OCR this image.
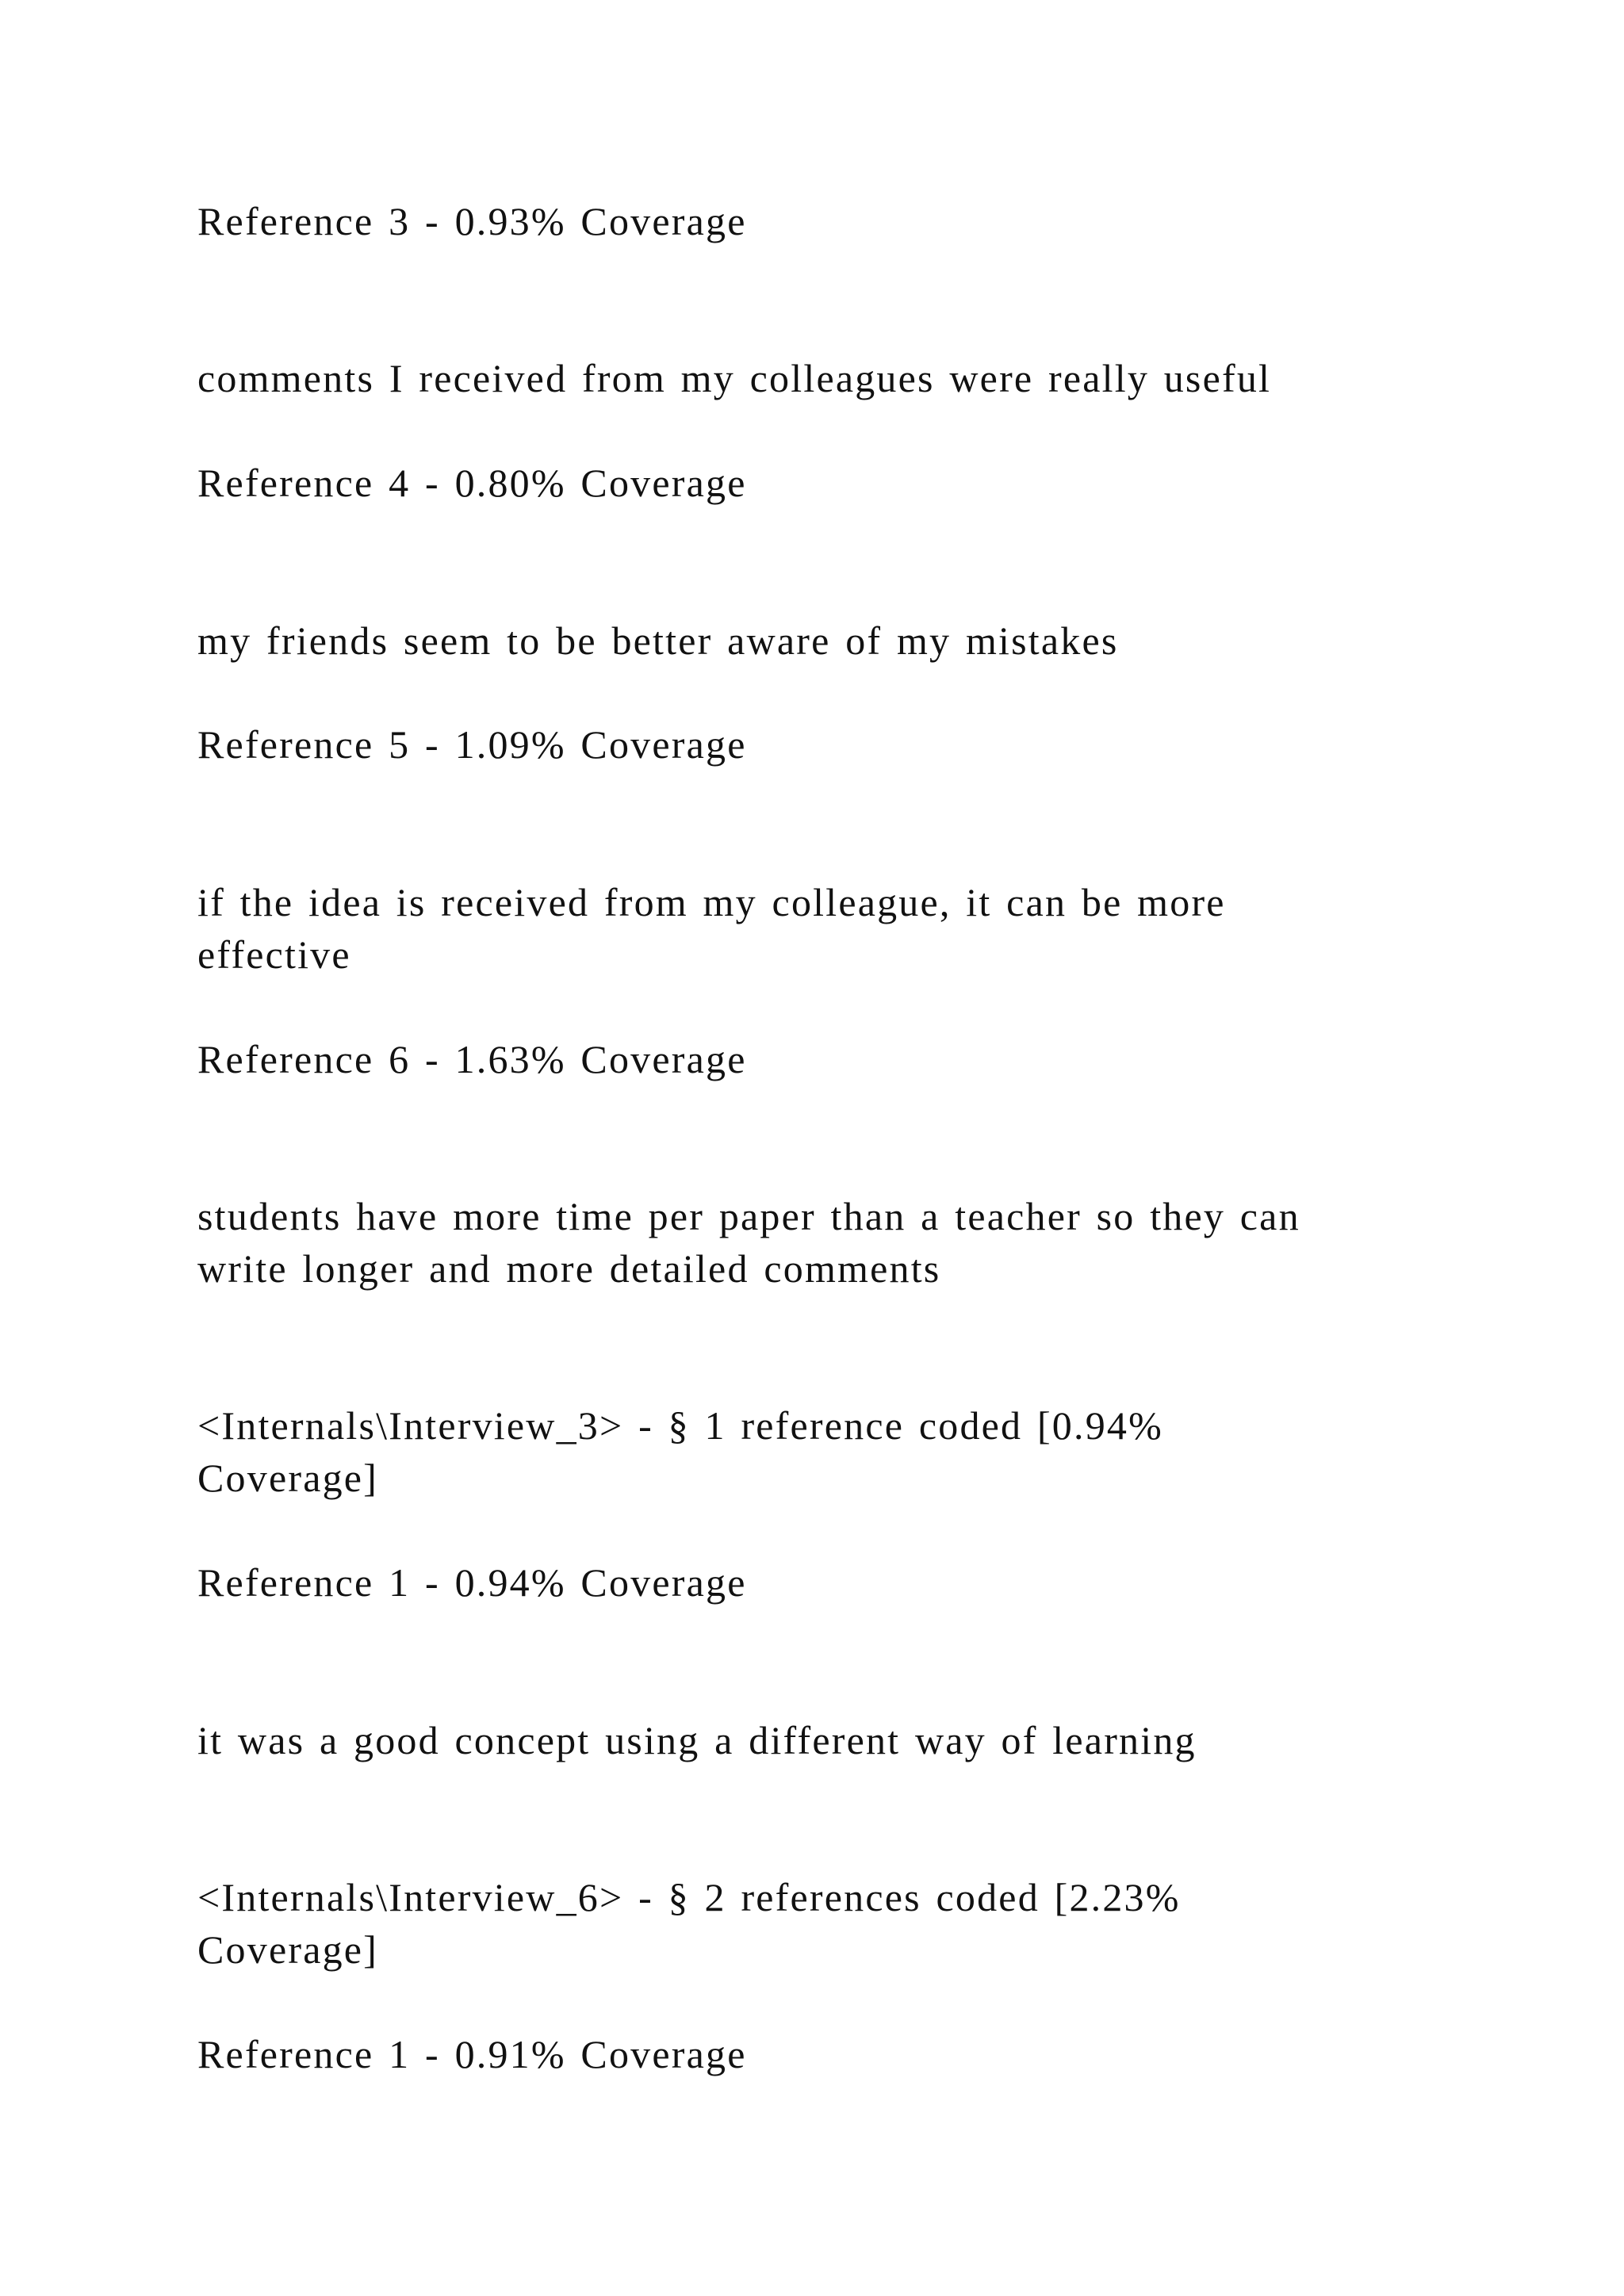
Reference 3 - 0.93% Coverage

comments I received from my colleagues were really useful

Reference 4 - 0.80% Coverage

my friends seem to be better aware of my mistakes

Reference 5 - 1.09% Coverage

if the idea is received from my colleague, it can be more

effective

Reference 6 - 1.63% Coverage

students have more time per paper than a teacher so they can

write longer and more detailed comments

<Internals\Interview_3> - § 1 reference coded [0.94%

Coverage]

Reference 1 - 0.94% Coverage

it was a good concept using a different way of learning

<Internals\Interview_6> - § 2 references coded [2.23%

Coverage]

Reference 1 - 0.91% Coverage
